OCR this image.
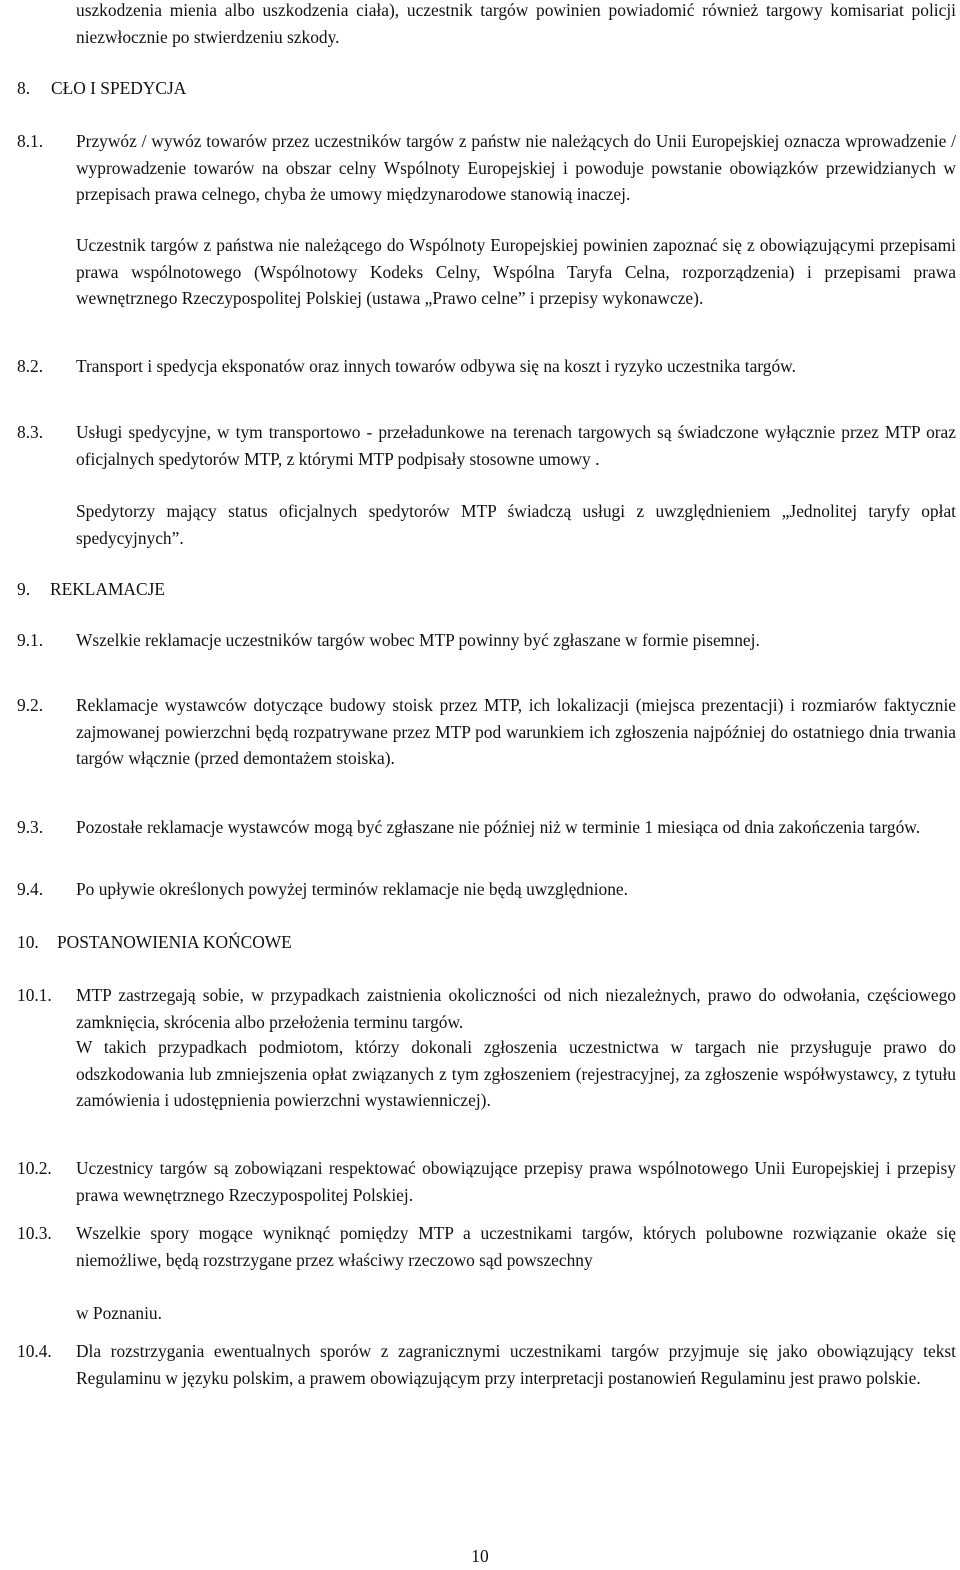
uszkodzenia mienia albo uszkodzenia ciała), uczestnik targów powinien powiadomić również targowy komisariat policji niezwłocznie po stwierdzeniu szkody.

8. CŁO I SPEDYCJA
8.1. Przywóz / wywóz towarów przez uczestników targów z państw nie należących do Unii Europejskiej oznacza wprowadzenie / wyprowadzenie towarów na obszar celny Wspólnoty Europejskiej i powoduje powstanie obowiązków przewidzianych w przepisach prawa celnego, chyba że umowy międzynarodowe stanowią inaczej.

Uczestnik targów z państwa nie należącego do Wspólnoty Europejskiej powinien zapoznać się z obowiązującymi przepisami prawa wspólnotowego (Wspólnotowy Kodeks Celny, Wspólna Taryfa Celna, rozporządzenia) i przepisami prawa wewnętrznego Rzeczypospolitej Polskiej (ustawa „Prawo celne” i przepisy wykonawcze).

8.2. Transport i spedycja eksponatów oraz innych towarów odbywa się na koszt i ryzyko uczestnika targów.

8.3. Usługi spedycyjne, w tym transportowo - przeładunkowe na terenach targowych są świadczone wyłącznie przez MTP oraz oficjalnych spedytorów MTP, z którymi MTP podpisały stosowne umowy .

Spedytorzy mający status oficjalnych spedytorów MTP świadczą usługi z uwzględnieniem „Jednolitej taryfy opłat spedycyjnych”.

9. REKLAMACJE
9.1. Wszelkie reklamacje uczestników targów wobec MTP powinny być zgłaszane w formie pisemnej.

9.2. Reklamacje wystawców dotyczące budowy stoisk przez MTP, ich lokalizacji (miejsca prezentacji) i rozmiarów faktycznie zajmowanej powierzchni będą rozpatrywane przez MTP pod warunkiem ich zgłoszenia najpóźniej do ostatniego dnia trwania targów włącznie (przed demontażem stoiska).

9.3. Pozostałe reklamacje wystawców mogą być zgłaszane nie później niż w terminie 1 miesiąca od dnia zakończenia targów.

9.4. Po upływie określonych powyżej terminów reklamacje nie będą uwzględnione.

10. POSTANOWIENIA KOŃCOWE
10.1. MTP zastrzegają sobie, w przypadkach zaistnienia okoliczności od nich niezależnych, prawo do odwołania, częściowego zamknięcia, skrócenia albo przełożenia terminu targów.

W takich przypadkach podmiotom, którzy dokonali zgłoszenia uczestnictwa w targach nie przysługuje prawo do odszkodowania lub zmniejszenia opłat związanych z tym zgłoszeniem (rejestracyjnej, za zgłoszenie współwystawcy, z tytułu zamówienia i udostępnienia powierzchni wystawienniczej).

10.2. Uczestnicy targów są zobowiązani respektować obowiązujące przepisy prawa wspólnotowego Unii Europejskiej i przepisy prawa wewnętrznego Rzeczypospolitej Polskiej.

10.3. Wszelkie spory mogące wyniknąć pomiędzy MTP a uczestnikami targów, których polubowne rozwiązanie okaże się niemożliwe, będą rozstrzygane przez właściwy rzeczowo sąd powszechny

w Poznaniu.

10.4. Dla rozstrzygania ewentualnych sporów z zagranicznymi uczestnikami targów przyjmuje się jako obowiązujący tekst Regulaminu w języku polskim, a prawem obowiązującym przy interpretacji postanowień Regulaminu jest prawo polskie.

10
